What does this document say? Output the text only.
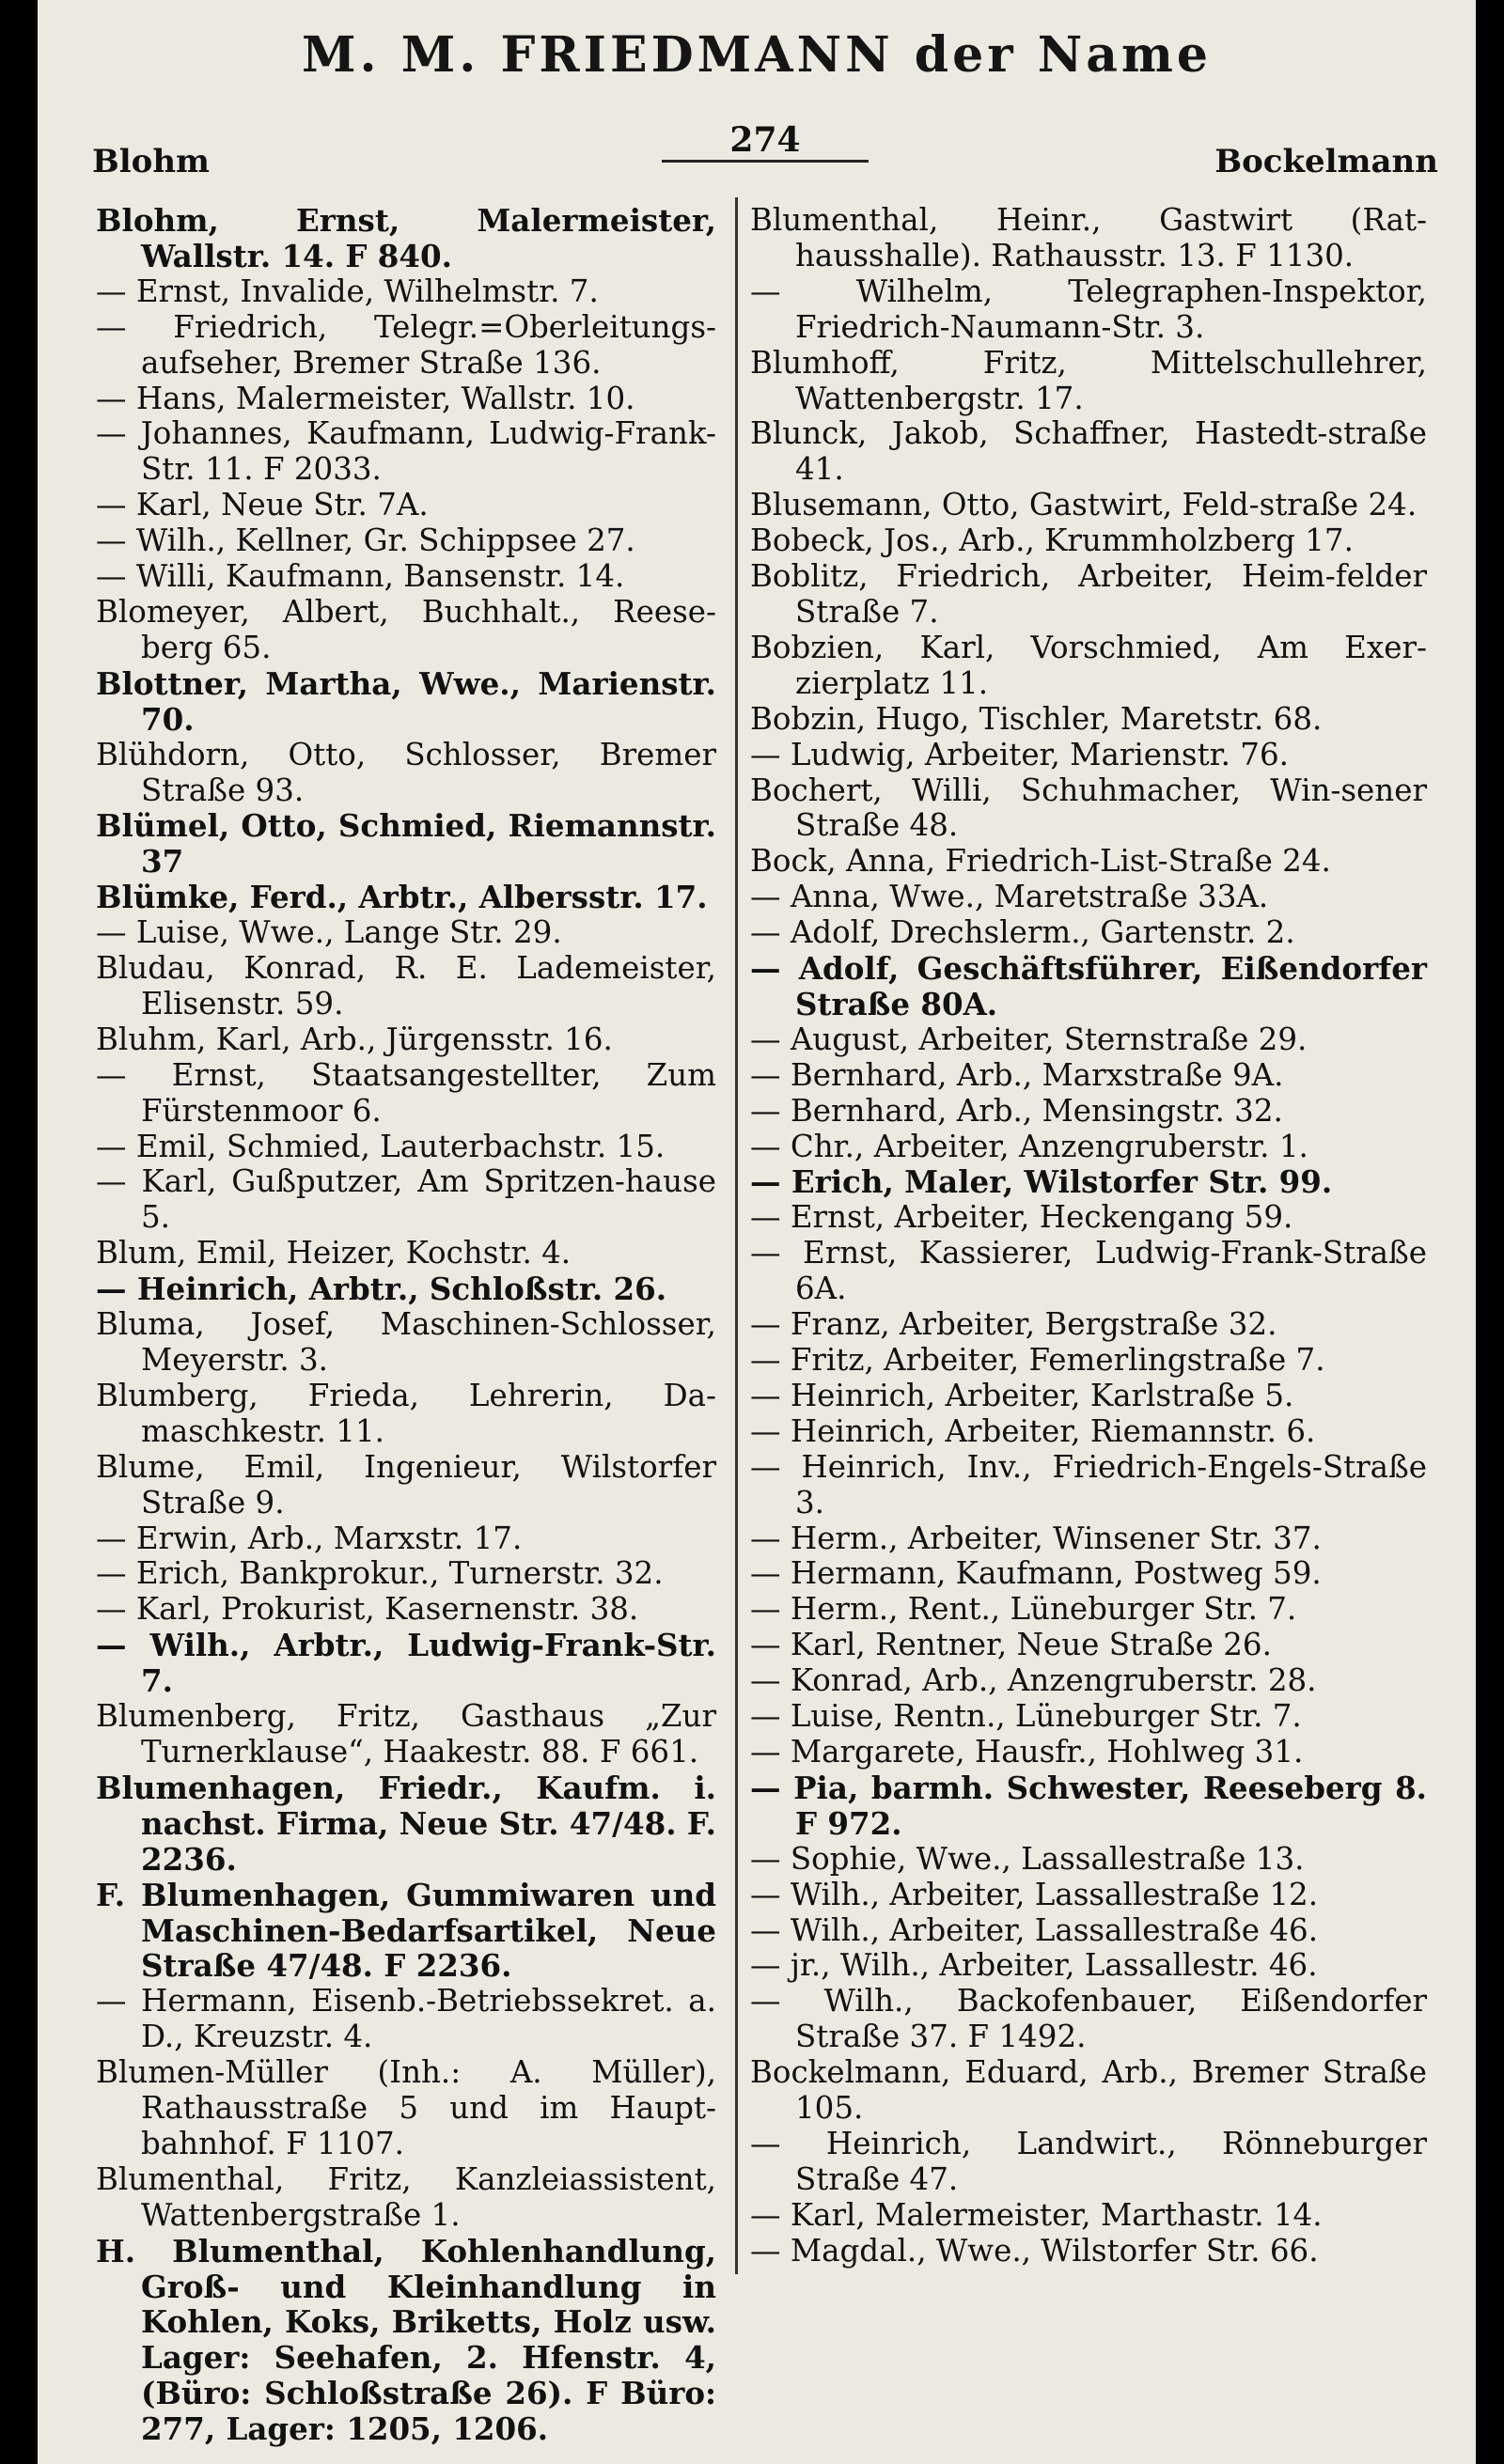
M. M. FRIEDMANN der Name
Blohm
274
Bockelmann

Blohm, Ernst, Malermeister, Wallstr. 14. F 840.

— Ernst, Invalide, Wilhelmstr. 7.

— Friedrich, Telegr.=Oberleitungs-aufseher, Bremer Straße 136.

— Hans, Malermeister, Wallstr. 10.

— Johannes, Kaufmann, Ludwig-Frank-Str. 11. F 2033.

— Karl, Neue Str. 7A.

— Wilh., Kellner, Gr. Schippsee 27.

— Willi, Kaufmann, Bansenstr. 14.

Blomeyer, Albert, Buchhalt., Reese-berg 65.

Blottner, Martha, Wwe., Marienstr. 70.

Blühdorn, Otto, Schlosser, Bremer Straße 93.

Blümel, Otto, Schmied, Riemannstr. 37

Blümke, Ferd., Arbtr., Albersstr. 17.

— Luise, Wwe., Lange Str. 29.

Bludau, Konrad, R. E. Lademeister, Elisenstr. 59.

Bluhm, Karl, Arb., Jürgensstr. 16.

— Ernst, Staatsangestellter, Zum Fürstenmoor 6.

— Emil, Schmied, Lauterbachstr. 15.

— Karl, Gußputzer, Am Spritzen-hause 5.

Blum, Emil, Heizer, Kochstr. 4.

— Heinrich, Arbtr., Schloßstr. 26.

Bluma, Josef, Maschinen-Schlosser, Meyerstr. 3.

Blumberg, Frieda, Lehrerin, Da-maschkestr. 11.

Blume, Emil, Ingenieur, Wilstorfer Straße 9.

— Erwin, Arb., Marxstr. 17.

— Erich, Bankprokur., Turnerstr. 32.

— Karl, Prokurist, Kasernenstr. 38.

— Wilh., Arbtr., Ludwig-Frank-Str. 7.

Blumenberg, Fritz, Gasthaus „Zur Turnerklause“, Haakestr. 88. F 661.

Blumenhagen, Friedr., Kaufm. i. nachst. Firma, Neue Str. 47/48. F. 2236.

F. Blumenhagen, Gummiwaren und Maschinen-Bedarfsartikel, Neue Straße 47/48. F 2236.

— Hermann, Eisenb.-Betriebssekret. a. D., Kreuzstr. 4.

Blumen-Müller (Inh.: A. Müller), Rathausstraße 5 und im Haupt-bahnhof. F 1107.

Blumenthal, Fritz, Kanzleiassistent, Wattenbergstraße 1.

H. Blumenthal, Kohlenhandlung, Groß- und Kleinhandlung in Kohlen, Koks, Briketts, Holz usw. Lager: Seehafen, 2. Hfenstr. 4, (Büro: Schloßstraße 26). F Büro: 277, Lager: 1205, 1206.

Blumenthal, Heinr., Gastwirt (Rat-hausshalle). Rathausstr. 13. F 1130.

— Wilhelm, Telegraphen-Inspektor, Friedrich-Naumann-Str. 3.

Blumhoff, Fritz, Mittelschullehrer, Wattenbergstr. 17.

Blunck, Jakob, Schaffner, Hastedt-straße 41.

Blusemann, Otto, Gastwirt, Feld-straße 24.

Bobeck, Jos., Arb., Krummholzberg 17.

Boblitz, Friedrich, Arbeiter, Heim-felder Straße 7.

Bobzien, Karl, Vorschmied, Am Exer-zierplatz 11.

Bobzin, Hugo, Tischler, Maretstr. 68.

— Ludwig, Arbeiter, Marienstr. 76.

Bochert, Willi, Schuhmacher, Win-sener Straße 48.

Bock, Anna, Friedrich-List-Straße 24.

— Anna, Wwe., Maretstraße 33A.

— Adolf, Drechslerm., Gartenstr. 2.

— Adolf, Geschäftsführer, Eißendorfer Straße 80A.

— August, Arbeiter, Sternstraße 29.

— Bernhard, Arb., Marxstraße 9A.

— Bernhard, Arb., Mensingstr. 32.

— Chr., Arbeiter, Anzengruberstr. 1.

— Erich, Maler, Wilstorfer Str. 99.

— Ernst, Arbeiter, Heckengang 59.

— Ernst, Kassierer, Ludwig-Frank-Straße 6A.

— Franz, Arbeiter, Bergstraße 32.

— Fritz, Arbeiter, Femerlingstraße 7.

— Heinrich, Arbeiter, Karlstraße 5.

— Heinrich, Arbeiter, Riemannstr. 6.

— Heinrich, Inv., Friedrich-Engels-Straße 3.

— Herm., Arbeiter, Winsener Str. 37.

— Hermann, Kaufmann, Postweg 59.

— Herm., Rent., Lüneburger Str. 7.

— Karl, Rentner, Neue Straße 26.

— Konrad, Arb., Anzengruberstr. 28.

— Luise, Rentn., Lüneburger Str. 7.

— Margarete, Hausfr., Hohlweg 31.

— Pia, barmh. Schwester, Reeseberg 8. F 972.

— Sophie, Wwe., Lassallestraße 13.

— Wilh., Arbeiter, Lassallestraße 12.

— Wilh., Arbeiter, Lassallestraße 46.

— jr., Wilh., Arbeiter, Lassallestr. 46.

— Wilh., Backofenbauer, Eißendorfer Straße 37. F 1492.

Bockelmann, Eduard, Arb., Bremer Straße 105.

— Heinrich, Landwirt., Rönneburger Straße 47.

— Karl, Malermeister, Marthastr. 14.

— Magdal., Wwe., Wilstorfer Str. 66.
